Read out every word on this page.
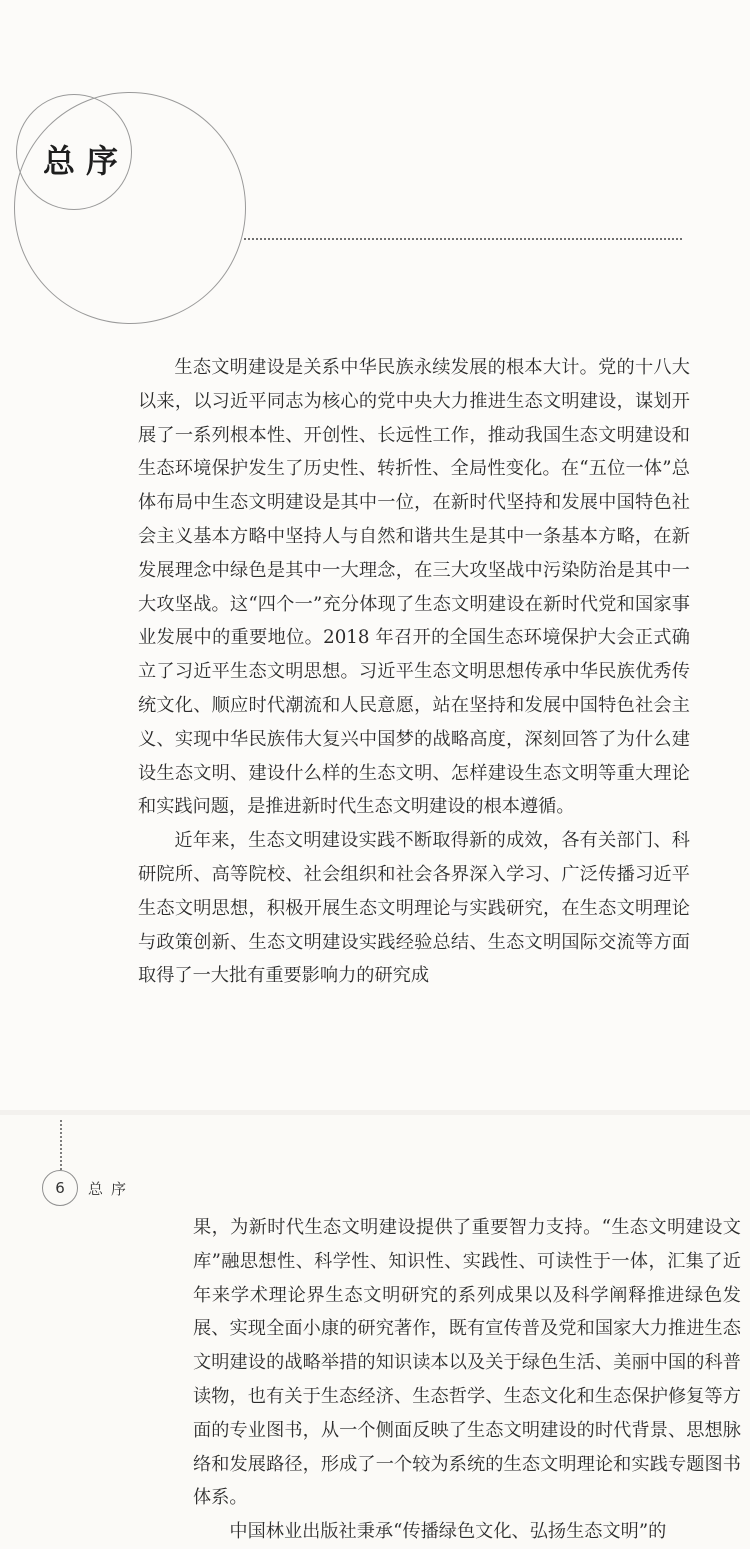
总序

生态文明建设是关系中华民族永续发展的根本大计。党的十八大以来，以习近平同志为核心的党中央大力推进生态文明建设，谋划开展了一系列根本性、开创性、长远性工作，推动我国生态文明建设和生态环境保护发生了历史性、转折性、全局性变化。在“五位一体”总体布局中生态文明建设是其中一位，在新时代坚持和发展中国特色社会主义基本方略中坚持人与自然和谐共生是其中一条基本方略，在新发展理念中绿色是其中一大理念，在三大攻坚战中污染防治是其中一大攻坚战。这“四个一”充分体现了生态文明建设在新时代党和国家事业发展中的重要地位。2018 年召开的全国生态环境保护大会正式确立了习近平生态文明思想。习近平生态文明思想传承中华民族优秀传统文化、顺应时代潮流和人民意愿，站在坚持和发展中国特色社会主义、实现中华民族伟大复兴中国梦的战略高度，深刻回答了为什么建设生态文明、建设什么样的生态文明、怎样建设生态文明等重大理论和实践问题，是推进新时代生态文明建设的根本遵循。

近年来，生态文明建设实践不断取得新的成效，各有关部门、科研院所、高等院校、社会组织和社会各界深入学习、广泛传播习近平生态文明思想，积极开展生态文明理论与实践研究，在生态文明理论与政策创新、生态文明建设实践经验总结、生态文明国际交流等方面取得了一大批有重要影响力的研究成

6	总序

果，为新时代生态文明建设提供了重要智力支持。“生态文明建设文库”融思想性、科学性、知识性、实践性、可读性于一体，汇集了近年来学术理论界生态文明研究的系列成果以及科学阐释推进绿色发展、实现全面小康的研究著作，既有宣传普及党和国家大力推进生态文明建设的战略举措的知识读本以及关于绿色生活、美丽中国的科普读物，也有关于生态经济、生态哲学、生态文化和生态保护修复等方面的专业图书，从一个侧面反映了生态文明建设的时代背景、思想脉络和发展路径，形成了一个较为系统的生态文明理论和实践专题图书体系。

中国林业出版社秉承“传播绿色文化、弘扬生态文明”的
